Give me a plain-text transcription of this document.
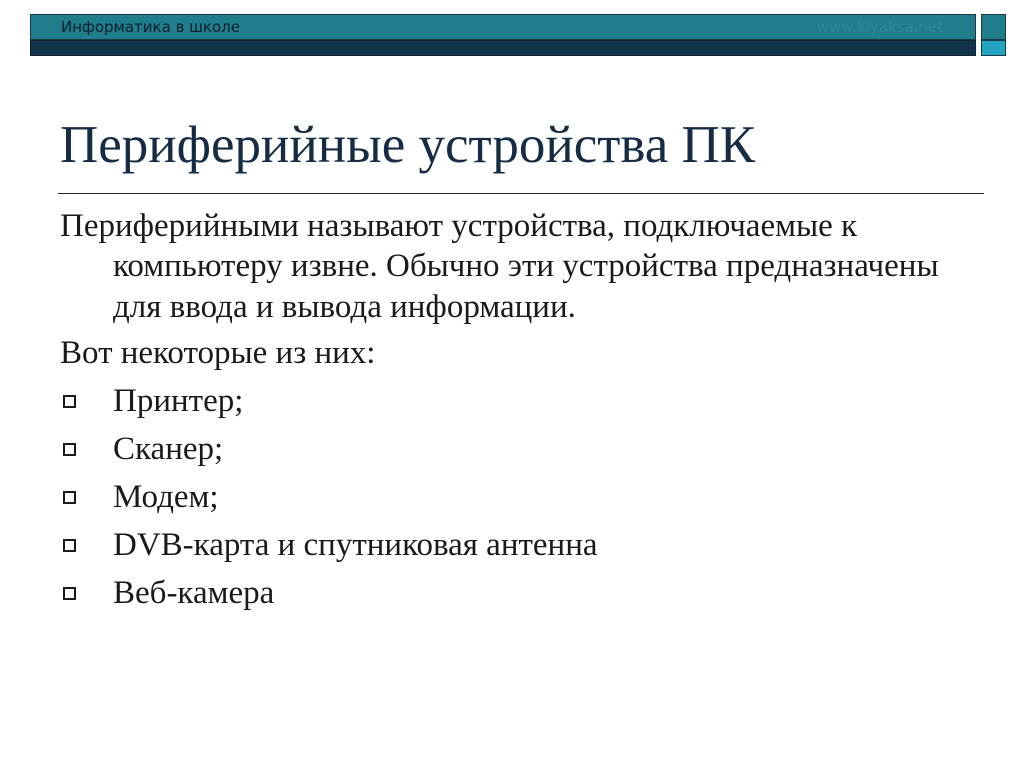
Информатика в школе	www.klyaksa.net
Периферийные устройства ПК

Периферийными называют устройства, подключаемые к компьютеру извне. Обычно эти устройства предназначены для ввода и вывода информации.

Вот некоторые из них:

Принтер;
Сканер;
Модем;
DVB-карта и спутниковая антенна
Веб-камера
